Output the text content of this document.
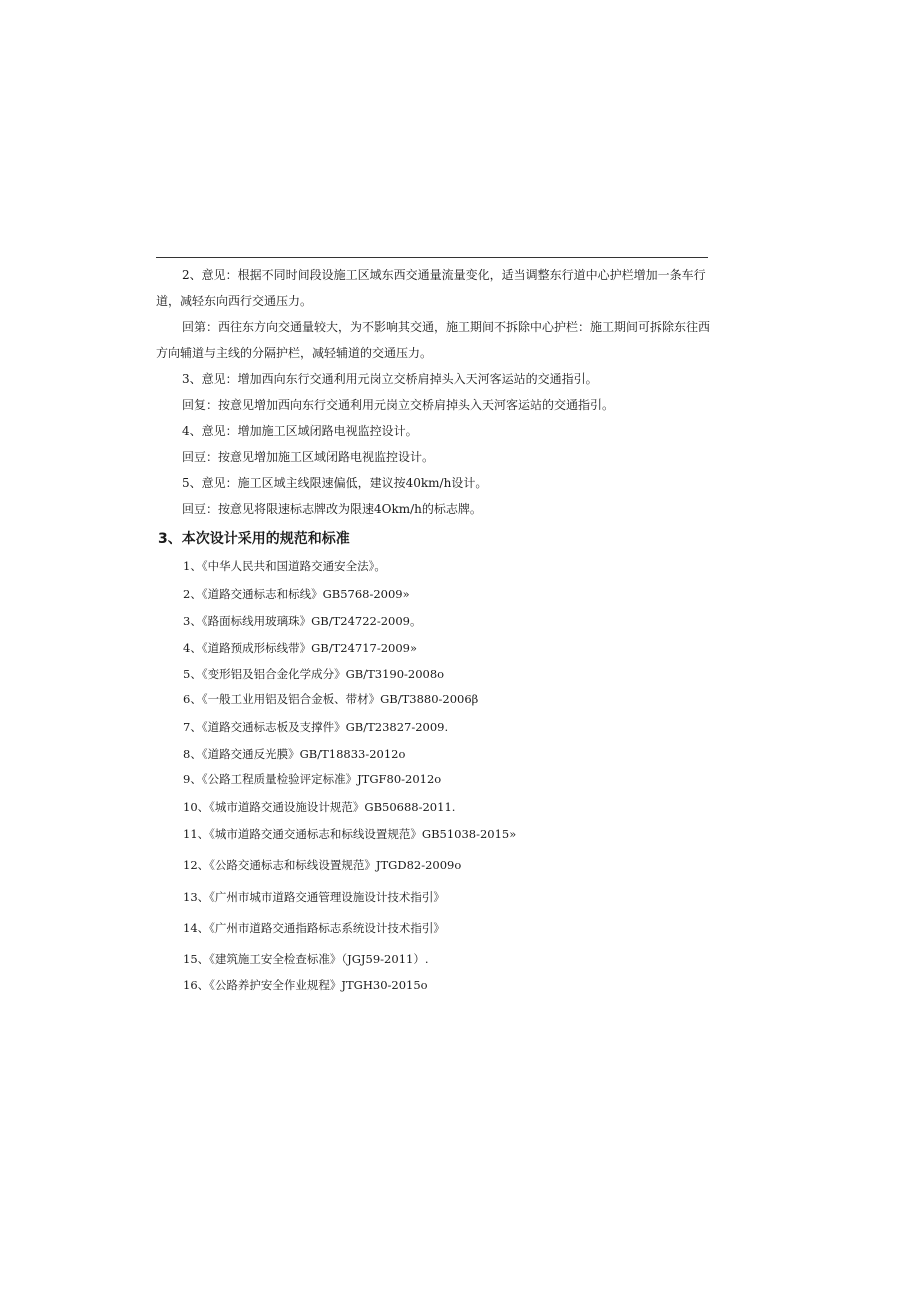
2、意见：根据不同时间段设施工区域东西交通量流量变化，适当调整东行道中心护栏增加一条车行道，减轻东向西行交通压力。

回第：西往东方向交通量较大，为不影响其交通，施工期间不拆除中心护栏：施工期间可拆除东往西方向辅道与主线的分隔护栏，减轻辅道的交通压力。

3、意见：增加西向东行交通利用元岗立交桥肩掉头入天河客运站的交通指引。

回复：按意见增加西向东行交通利用元岗立交桥肩掉头入天河客运站的交通指引。

4、意见：增加施工区域闭路电视监控设计。

回豆：按意见增加施工区域闭路电视监控设计。

5、意见：施工区域主线限速偏低，建议按40km∕h设计。

回豆：按意见将限速标志牌改为限速4Okm∕h的标志牌。

3、本次设计采用的规范和标准

1、《中华人民共和国道路交通安全法》。

2、《道路交通标志和标线》GB5768-2009»

3、《路面标线用玻璃珠》GB/T24722-2009。

4、《道路预成形标线带》GB/T24717-2009»

5、《变形铝及铝合金化学成分》GB∕T3190-2008o

6、《一般工业用铝及铝合金板、带材》GB/T3880-2006β

7、《道路交通标志板及支撑件》GB/T23827-2009.

8、《道路交通反光膜》GB/T18833-2012o

9、《公路工程质量检验评定标准》JTGF80-2012o

10、《城市道路交通设施设计规范》GB50688-2011.

11、《城市道路交通交通标志和标线设置规范》GB51038-2015»

12、《公路交通标志和标线设置规范》JTGD82-2009o

13、《广州市城市道路交通管理设施设计技术指引》

14、《广州市道路交通指路标志系统设计技术指引》

15、《建筑施工安全检查标准》（JGJ59-2011）.

16、《公路养护安全作业规程》JTGH30-2015o
